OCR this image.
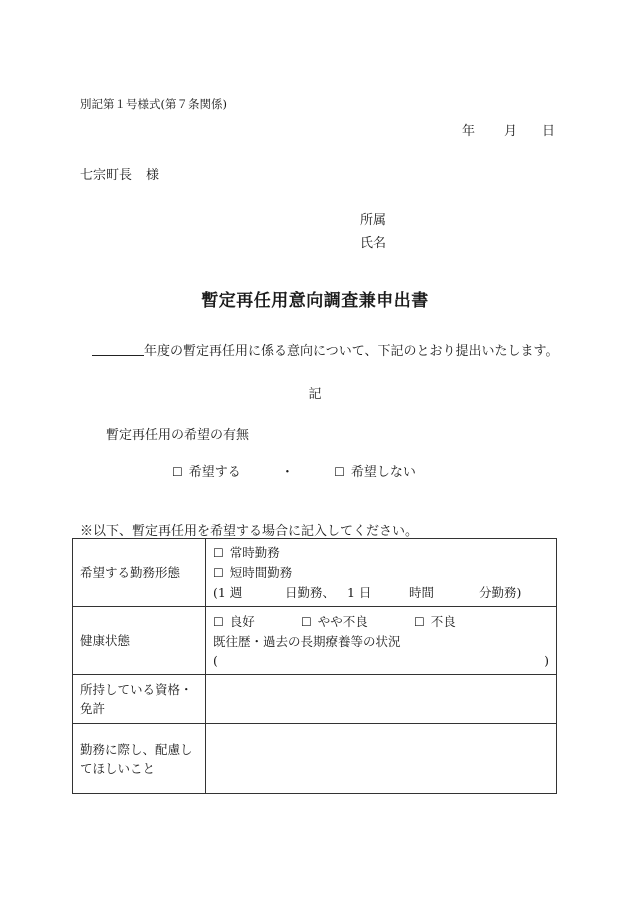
別記第１号様式(第７条関係)
年 月 日
七宗町長 様
所属
氏名
暫定再任用意向調査兼申出書
年度の暫定再任用に係る意向について、下記のとおり提出いたします。
記
暫定再任用の希望の有無
☐ 希望する	・	☐ 希望しない
※以下、暫定再任用を希望する場合に記入してください。
希望する勤務形態	☐ 常時勤務
☐ 短時間勤務
(1 週 日勤務、 1 日 時間 分勤務)

健康状態	☐ 良好 ☐ やや不良 ☐ 不良
既往歴・過去の長期療養等の状況
( )

所持している資格・
免許	

勤務に際し、配慮し
てほしいこと	
